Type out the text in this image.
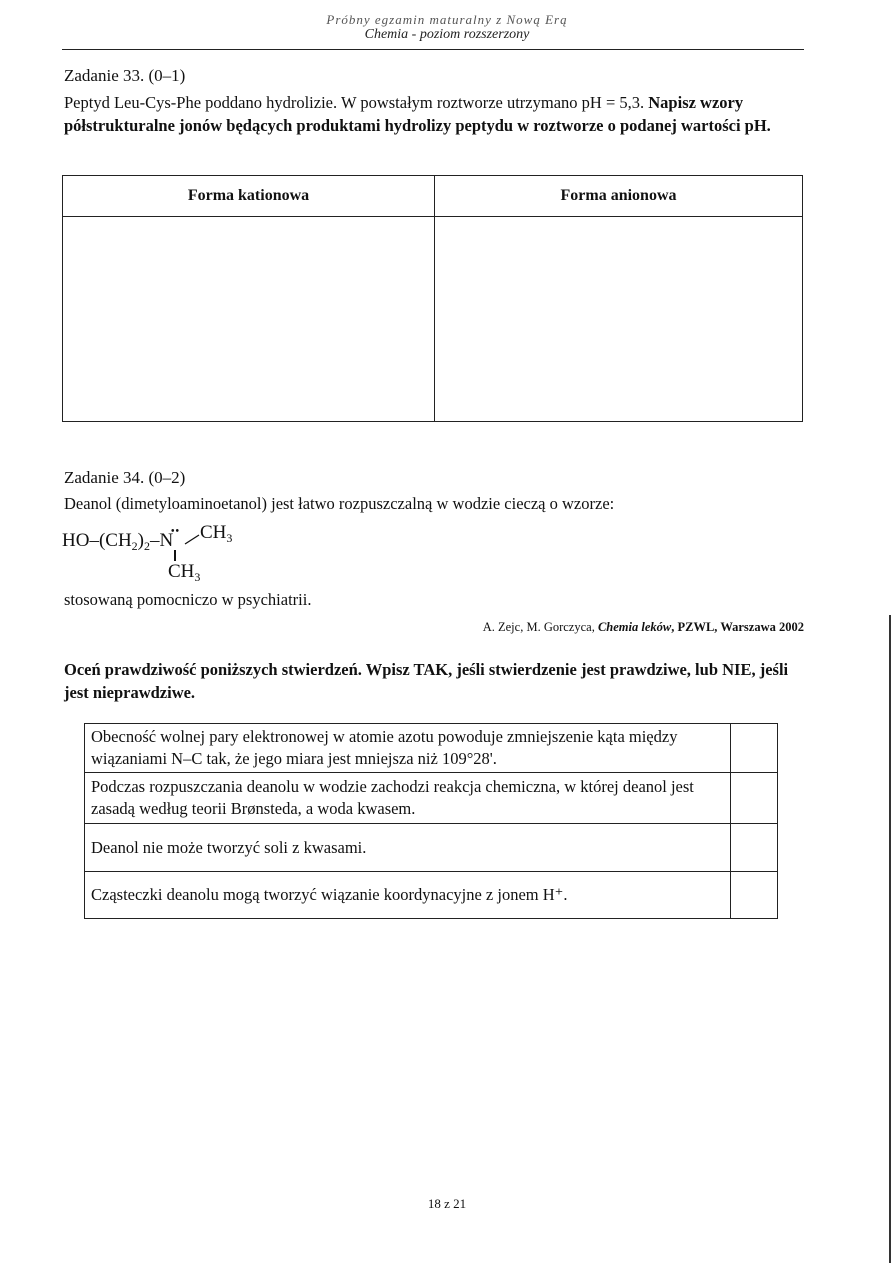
Próbny egzamin maturalny z Nową Erą
Chemia - poziom rozszerzony
Zadanie 33. (0–1)
Peptyd Leu-Cys-Phe poddano hydrolizie. W powstałym roztworze utrzymano pH = 5,3. Napisz wzory półstrukturalne jonów będących produktami hydrolizy peptydu w roztworze o podanej wartości pH.
Forma kationowa	Forma anionowa
Zadanie 34. (0–2)
Deanol (dimetyloaminoetanol) jest łatwo rozpuszczalną w wodzie cieczą o wzorze:
$HO-(CH_2)_2-N$
•• $CH_3$
$CH_3$
stosowaną pomocniczo w psychiatrii.
A. Zejc, M. Gorczyca, Chemia leków, PZWL, Warszawa 2002
Oceń prawdziwość poniższych stwierdzeń. Wpisz TAK, jeśli stwierdzenie jest prawdziwe, lub NIE, jeśli jest nieprawdziwe.
Obecność wolnej pary elektronowej w atomie azotu powoduje zmniejszenie kąta między wiązaniami N–C tak, że jego miara jest mniejsza niż 109°28'.
Podczas rozpuszczania deanolu w wodzie zachodzi reakcja chemiczna, w której deanol jest zasadą według teorii Brønsteda, a woda kwasem.
Deanol nie może tworzyć soli z kwasami.
Cząsteczki deanolu mogą tworzyć wiązanie koordynacyjne z jonem H⁺.
18 z 21
